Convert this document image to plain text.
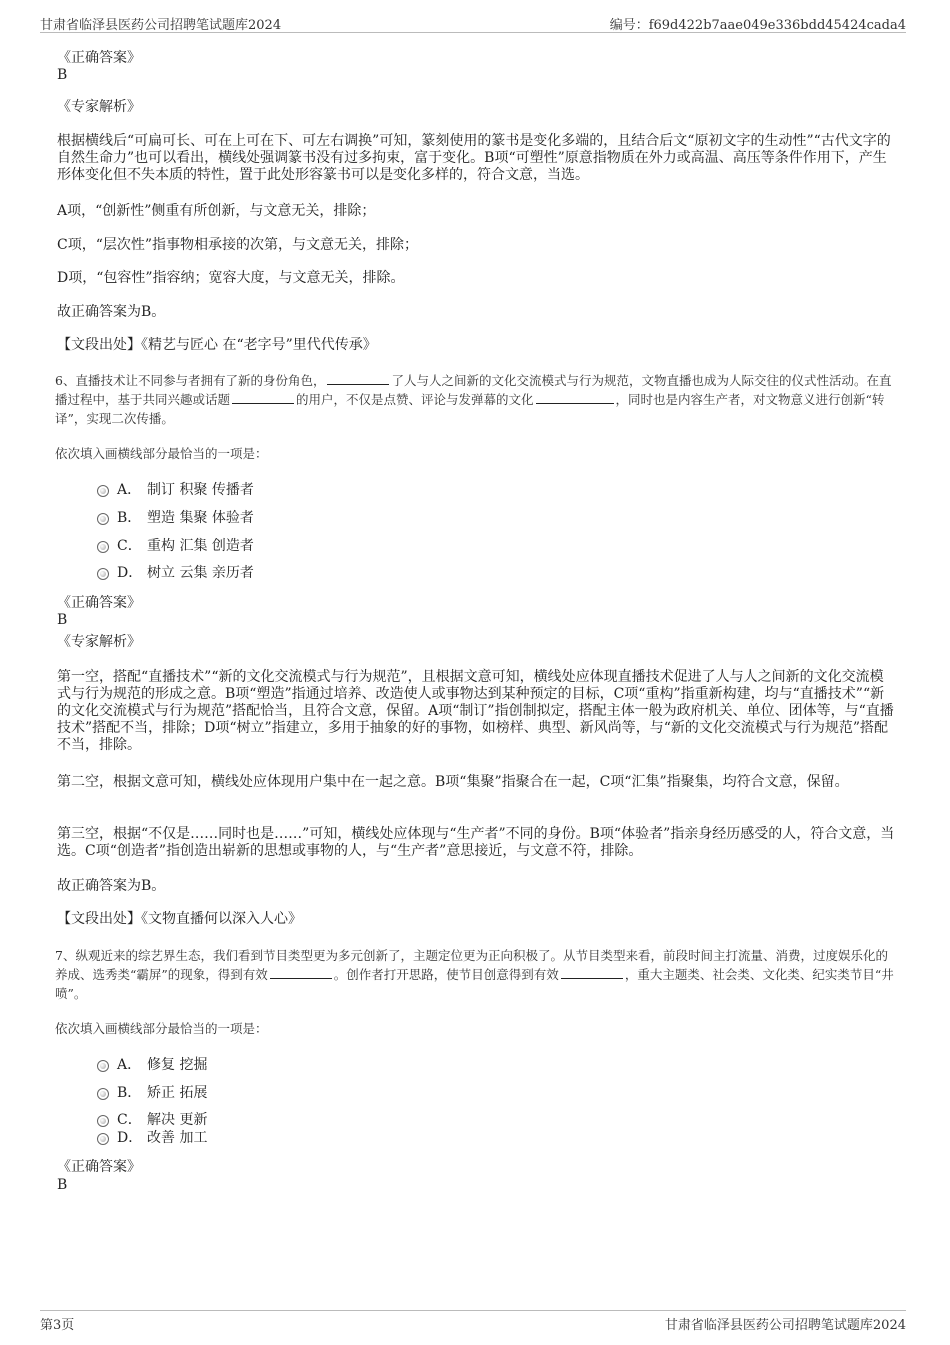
甘肃省临泽县医药公司招聘笔试题库2024	编号：f69d422b7aae049e336bdd45424cada4
《正确答案》
B
《专家解析》
根据横线后“可扁可长、可在上可在下、可左右调换”可知，篆刻使用的篆书是变化多端的，且结合后文“原初文字的生动性”“古代文字的自然生命力”也可以看出，横线处强调篆书没有过多拘束，富于变化。B项“可塑性”原意指物质在外力或高温、高压等条件作用下，产生形体变化但不失本质的特性，置于此处形容篆书可以是变化多样的，符合文意，当选。
A项，“创新性”侧重有所创新，与文意无关，排除；
C项，“层次性”指事物相承接的次第，与文意无关，排除；
D项，“包容性”指容纳；宽容大度，与文意无关，排除。
故正确答案为B。
【文段出处】《精艺与匠心 在“老字号”里代代传承》
6、直播技术让不同参与者拥有了新的身份角色，	了人与人之间新的文化交流模式与行为规范，文物直播也成为人际交往的仪式性活动。在直播过程中，基于共同兴趣或话题	的用户，不仅是点赞、评论与发弹幕的文化	，同时也是内容生产者，对文物意义进行创新“转译”，实现二次传播。
依次填入画横线部分最恰当的一项是：
A． 制订 积聚 传播者
B． 塑造 集聚 体验者
C． 重构 汇集 创造者
D． 树立 云集 亲历者
《正确答案》
B
《专家解析》
第一空，搭配“直播技术”“新的文化交流模式与行为规范”，且根据文意可知，横线处应体现直播技术促进了人与人之间新的文化交流模式与行为规范的形成之意。B项“塑造”指通过培养、改造使人或事物达到某种预定的目标，C项“重构”指重新构建，均与“直播技术”“新的文化交流模式与行为规范”搭配恰当，且符合文意，保留。A项“制订”指创制拟定，搭配主体一般为政府机关、单位、团体等，与“直播技术”搭配不当，排除；D项“树立”指建立，多用于抽象的好的事物，如榜样、典型、新风尚等，与“新的文化交流模式与行为规范”搭配不当，排除。
第二空，根据文意可知，横线处应体现用户集中在一起之意。B项“集聚”指聚合在一起，C项“汇集”指聚集，均符合文意，保留。
第三空，根据“不仅是……同时也是……”可知，横线处应体现与“生产者”不同的身份。B项“体验者”指亲身经历感受的人，符合文意，当选。C项“创造者”指创造出崭新的思想或事物的人，与“生产者”意思接近，与文意不符，排除。
故正确答案为B。
【文段出处】《文物直播何以深入人心》
7、纵观近来的综艺界生态，我们看到节目类型更为多元创新了，主题定位更为正向积极了。从节目类型来看，前段时间主打流量、消费，过度娱乐化的养成、选秀类“霸屏”的现象，得到有效	。创作者打开思路，使节目创意得到有效	，重大主题类、社会类、文化类、纪实类节目“井喷”。
依次填入画横线部分最恰当的一项是：
A． 修复 挖掘
B． 矫正 拓展
C． 解决 更新
D． 改善 加工
《正确答案》
B
第3页	甘肃省临泽县医药公司招聘笔试题库2024
